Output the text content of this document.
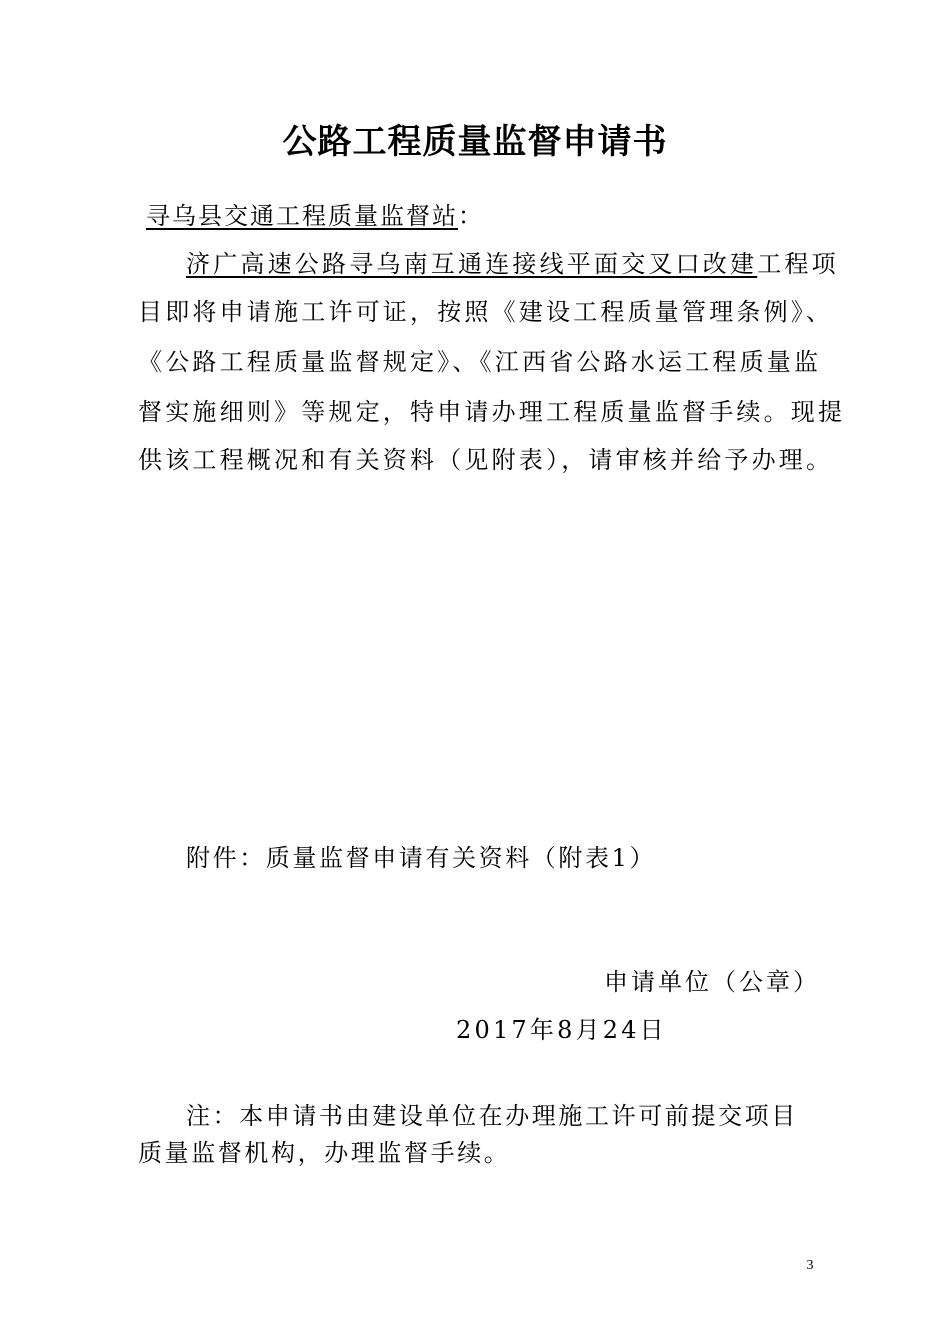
公路工程质量监督申请书
寻乌县交通工程质量监督站：
济广高速公路寻乌南互通连接线平面交叉口改建工程项
目即将申请施工许可证，按照《建设工程质量管理条例》、
《公路工程质量监督规定》、《江西省公路水运工程质量监
督实施细则》等规定，特申请办理工程质量监督手续。现提
供该工程概况和有关资料（见附表），请审核并给予办理。
附件：质量监督申请有关资料（附表1）
申请单位（公章）
2017年8月24日
注：本申请书由建设单位在办理施工许可前提交项目
质量监督机构，办理监督手续。
3
